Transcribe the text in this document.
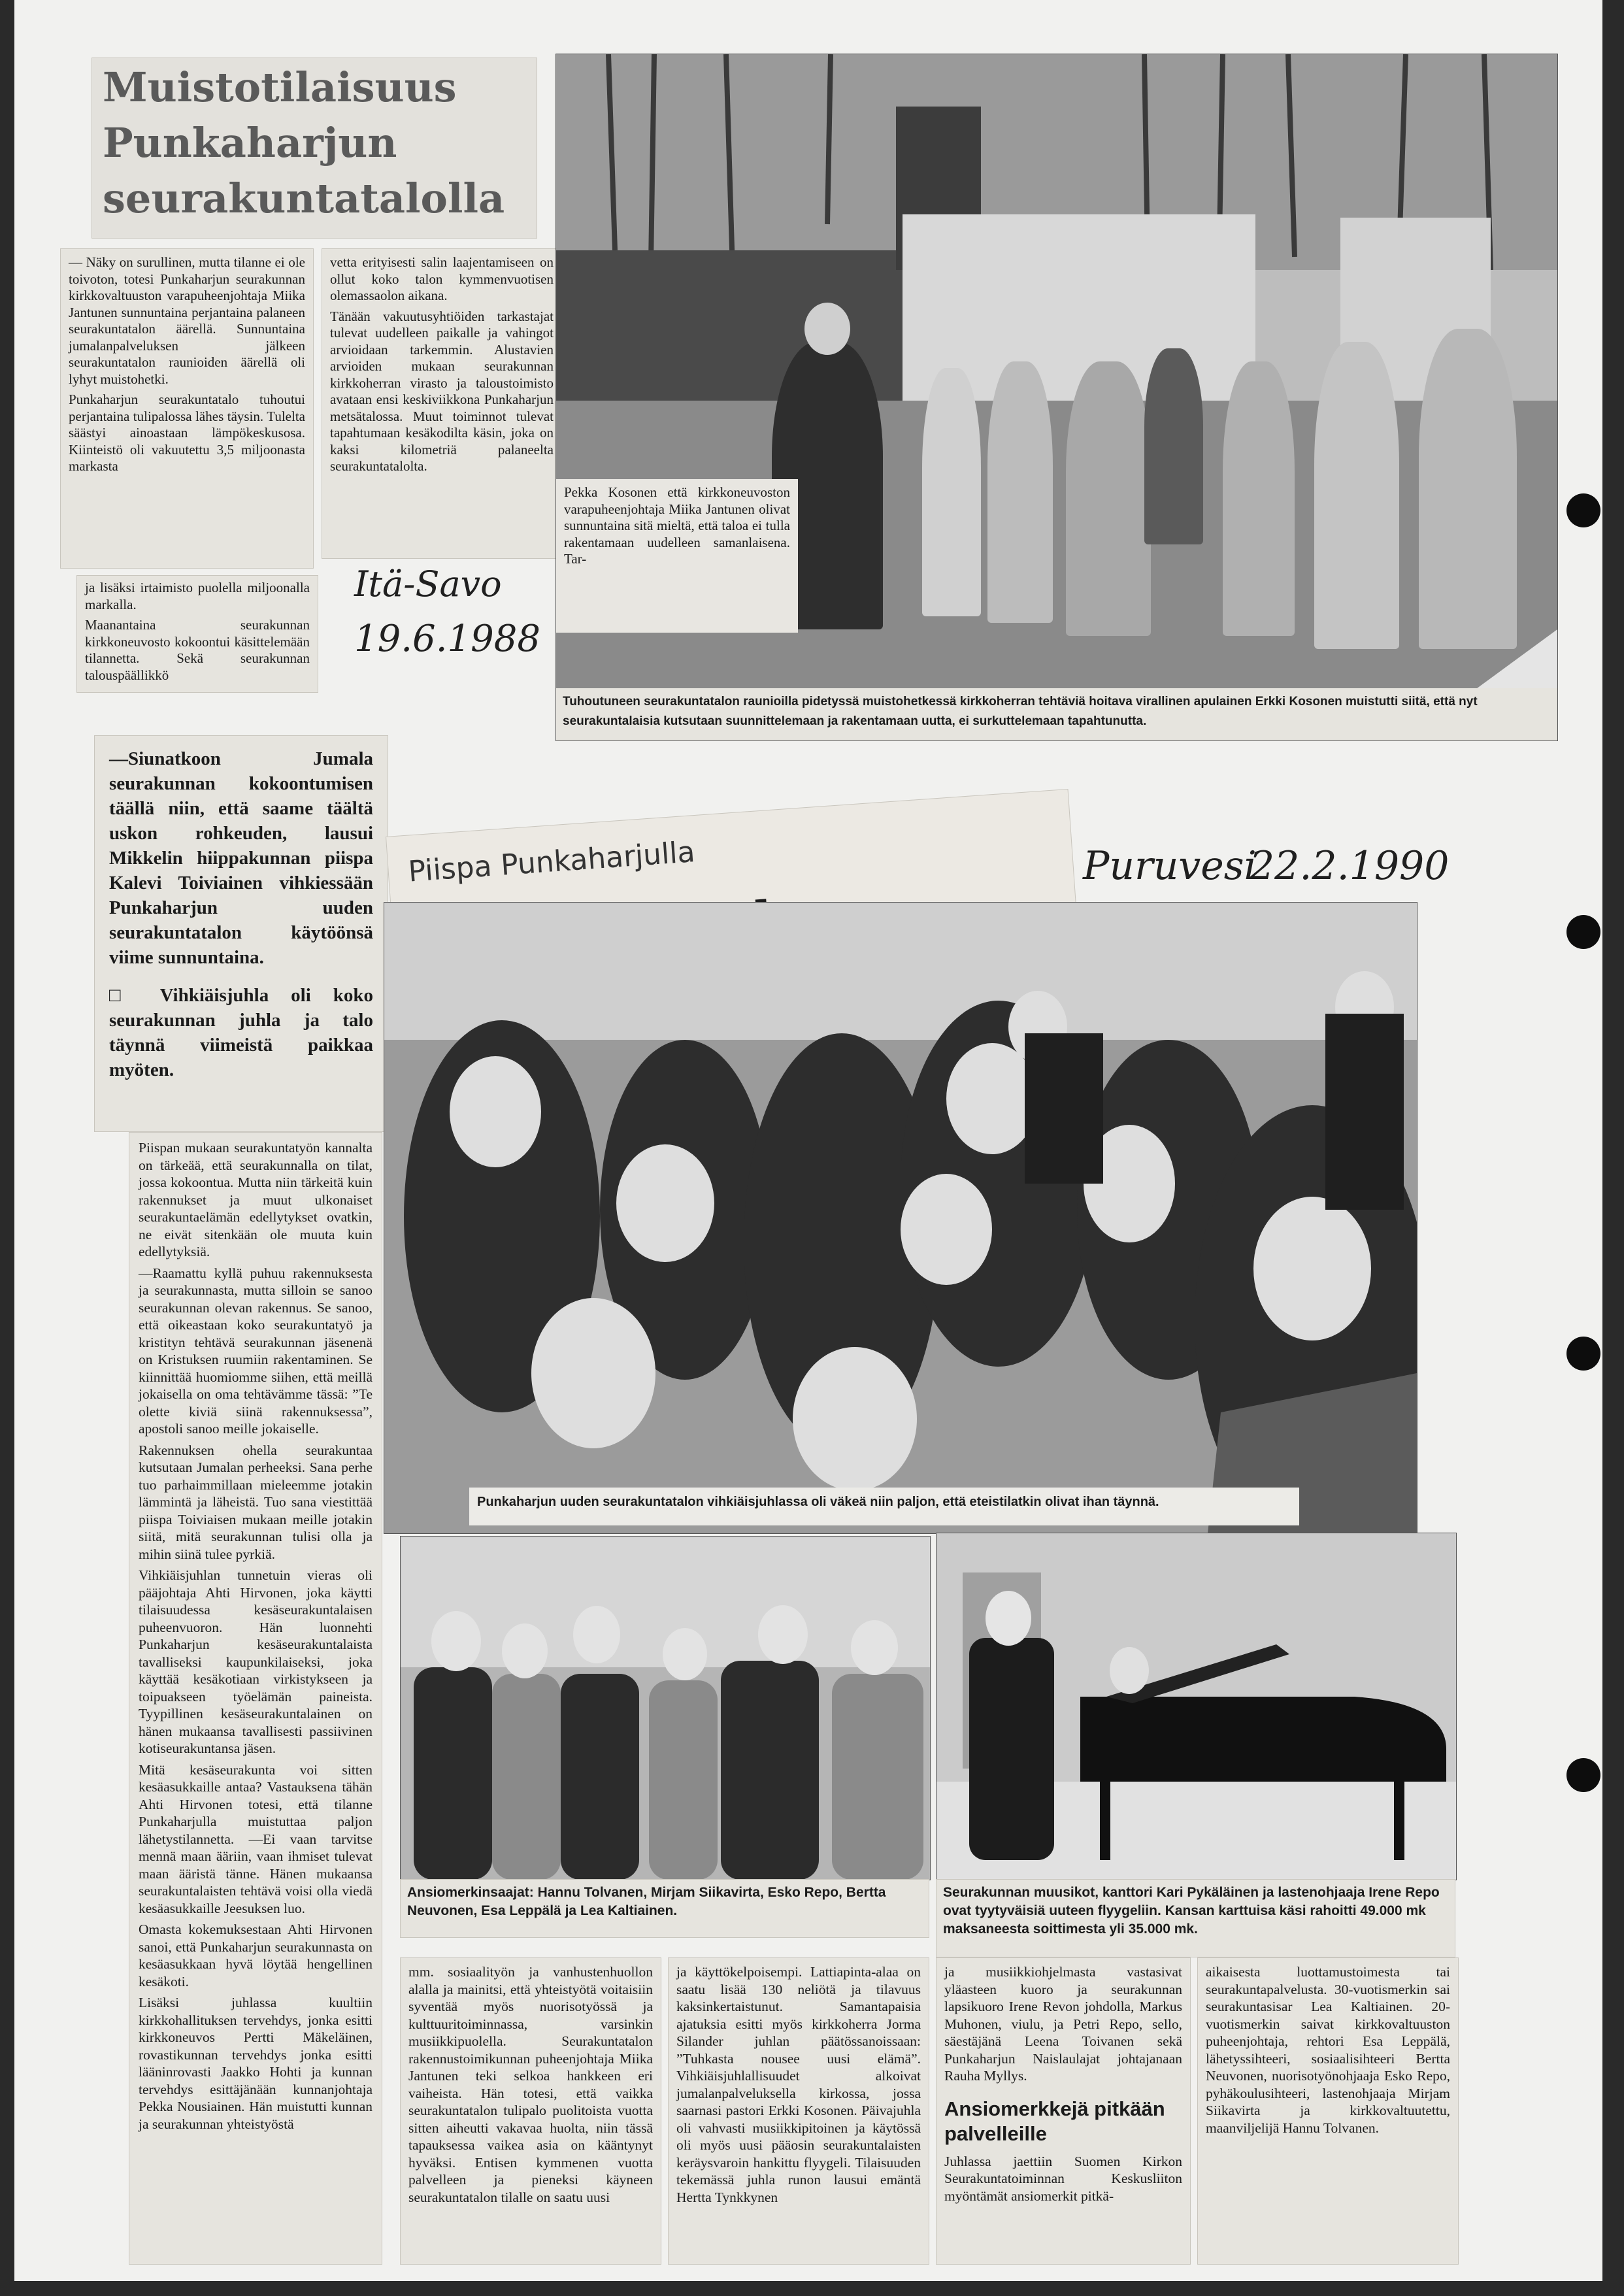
Muistotilaisuus Punkaharjun seurakuntatalolla

— Näky on surullinen, mutta tilanne ei ole toivoton, totesi Punkaharjun seurakunnan kirkkovaltuuston varapuheenjohtaja Miika Jantunen sunnuntaina perjantaina palaneen seurakuntatalon äärellä. Sunnuntaina jumalanpalveluksen jälkeen seurakuntatalon raunioiden äärellä oli lyhyt muistohetki.

Punkaharjun seurakuntatalo tuhoutui perjantaina tulipalossa lähes täysin. Tulelta säästyi ainoastaan lämpökeskusosa. Kiinteistö oli vakuutettu 3,5 miljoonasta markasta

ja lisäksi irtaimisto puolella miljoonalla markalla.

Maanantaina seurakunnan kirkkoneuvosto kokoontui käsittelemään tilannetta. Sekä seurakunnan talouspäällikkö

vetta erityisesti salin laajentamiseen on ollut koko talon kymmenvuotisen olemassaolon aikana.

Tänään vakuutusyhtiöiden tarkastajat tulevat uudelleen paikalle ja vahingot arvioidaan tarkemmin. Alustavien arvioiden mukaan seurakunnan kirkkoherran virasto ja taloustoimisto avataan ensi keskiviikkona Punkaharjun metsätalossa. Muut toiminnot tulevat tapahtumaan kesäkodilta käsin, joka on kaksi kilometriä palaneelta seurakuntatalolta.

Itä-Savo
19.6.1988
Pekka Kosonen että kirkkoneuvoston varapuheenjohtaja Miika Jantunen olivat sunnuntaina sitä mieltä, että taloa ei tulla rakentamaan uudelleen samanlaisena. Tar-
Tuhoutuneen seurakuntatalon raunioilla pidetyssä muistohetkessä kirkkoherran tehtäviä hoitava virallinen apulainen Erkki Kosonen muistutti siitä, että nyt seurakuntalaisia kutsutaan suunnittelemaan ja rakentamaan uutta, ei surkuttelemaan tapahtunutta.

—Siunatkoon Jumala seurakunnan kokoontumisen täällä niin, että saame täältä uskon rohkeuden, lausui Mikkelin hiippakunnan piispa Kalevi Toiviainen vihkiessään Punkaharjun uuden seurakuntatalon käytöönsä viime sunnuntaina.

□ Vihkiäisjuhla oli koko seurakunnan juhla ja talo täynnä viimeistä paikkaa myöten.

Piispa Punkaharjulla	Puruvesi
22.2.1990
Punkaharjun uuden seurakuntatalon vihkiäisjuhlassa oli väkeä niin paljon, että eteistilatkin olivat ihan täynnä.

Piispan mukaan seurakuntatyön kannalta on tärkeää, että seurakunnalla on tilat, jossa kokoontua. Mutta niin tärkeitä kuin rakennukset ja muut ulkonaiset seurakuntaelämän edellytykset ovatkin, ne eivät sitenkään ole muuta kuin edellytyksiä.

—Raamattu kyllä puhuu rakennuksesta ja seurakunnasta, mutta silloin se sanoo seurakunnan olevan rakennus. Se sanoo, että oikeastaan koko seurakuntatyö ja kristityn tehtävä seurakunnan jäsenenä on Kristuksen ruumiin rakentaminen. Se kiinnittää huomiomme siihen, että meillä jokaisella on oma tehtävämme tässä: ”Te olette kiviä siinä rakennuksessa”, apostoli sanoo meille jokaiselle.

Rakennuksen ohella seurakuntaa kutsutaan Jumalan perheeksi. Sana perhe tuo parhaimmillaan mieleemme jotakin lämmintä ja läheistä. Tuo sana viestittää piispa Toiviaisen mukaan meille jotakin siitä, mitä seurakunnan tulisi olla ja mihin siinä tulee pyrkiä.

Vihkiäisjuhlan tunnetuin vieras oli pääjohtaja Ahti Hirvonen, joka käytti tilaisuudessa kesäseurakuntalaisen puheenvuoron. Hän luonnehti Punkaharjun kesäseurakuntalaista tavalliseksi kaupunkilaiseksi, joka käyttää kesäkotiaan virkistykseen ja toipuakseen työelämän paineista. Tyypillinen kesäseurakuntalainen on hänen mukaansa tavallisesti passiivinen kotiseurakuntansa jäsen.

Mitä kesäseurakunta voi sitten kesäasukkaille antaa? Vastauksena tähän Ahti Hirvonen totesi, että tilanne Punkaharjulla muistuttaa paljon lähetystilannetta. —Ei vaan tarvitse mennä maan ääriin, vaan ihmiset tulevat maan ääristä tänne. Hänen mukaansa seurakuntalaisten tehtävä voisi olla viedä kesäasukkaille Jeesuksen luo.

Omasta kokemuksestaan Ahti Hirvonen sanoi, että Punkaharjun seurakunnasta on kesäasukkaan hyvä löytää hengellinen kesäkoti.

Lisäksi juhlassa kuultiin kirkkohallituksen tervehdys, jonka esitti kirkkoneuvos Pertti Mäkeläinen, rovastikunnan tervehdys jonka esitti lääninrovasti Jaakko Hohti ja kunnan tervehdys esittäjänään kunnanjohtaja Pekka Nousiainen. Hän muistutti kunnan ja seurakunnan yhteistyöstä

Ansiomerkinsaajat: Hannu Tolvanen, Mirjam Siikavirta, Esko Repo, Bertta Neuvonen, Esa Leppälä ja Lea Kaltiainen.
Seurakunnan muusikot, kanttori Kari Pykäläinen ja lastenohjaaja Irene Repo ovat tyytyväisiä uuteen flyygeliin. Kansan karttuisa käsi rahoitti 49.000 mk maksaneesta soittimesta yli 35.000 mk.

mm. sosiaalityön ja vanhustenhuollon alalla ja mainitsi, että yhteistyötä voitaisiin syventää myös nuorisotyössä ja kulttuuritoiminnassa, varsinkin musiikkipuolella. Seurakuntatalon rakennustoimikunnan puheenjohtaja Miika Jantunen teki selkoa hankkeen eri vaiheista. Hän totesi, että vaikka seurakuntatalon tulipalo puolitoista vuotta sitten aiheutti vakavaa huolta, niin tässä tapauksessa vaikea asia on kääntynyt hyväksi. Entisen kymmenen vuotta palvelleen ja pieneksi käyneen seurakuntatalon tilalle on saatu uusi

ja käyttökelpoisempi. Lattiapinta-alaa on saatu lisää 130 neliötä ja tilavuus kaksinkertaistunut. Samantapaisia ajatuksia esitti myös kirkkoherra Jorma Silander juhlan päätössanoissaan: ”Tuhkasta nousee uusi elämä”. Vihkiäisjuhlallisuudet alkoivat jumalanpalveluksella kirkossa, jossa saarnasi pastori Erkki Kosonen. Päivajuhla oli vahvasti musiikkipitoinen ja käytössä oli myös uusi pääosin seurakuntalaisten keräysvaroin hankittu flyygeli. Tilaisuuden tekemässä juhla runon lausui emäntä Hertta Tynkkynen

ja musiikkiohjelmasta vastasivat yläasteen kuoro ja seurakunnan lapsikuoro Irene Revon johdolla, Markus Muhonen, viulu, ja Petri Repo, sello, säestäjänä Leena Toivanen sekä Punkaharjun Naislaulajat johtajanaan Rauha Myllys.

Ansiomerkkejä pitkään palvelleille

Juhlassa jaettiin Suomen Kirkon Seurakuntatoiminnan Keskusliiton myöntämät ansiomerkit pitkä-

aikaisesta luottamustoimesta tai seurakuntapalvelusta. 30-vuotismerkin sai seurakuntasisar Lea Kaltiainen. 20-vuotismerkin saivat kirkkovaltuuston puheenjohtaja, rehtori Esa Leppälä, lähetyssihteeri, sosiaalisihteeri Bertta Neuvonen, nuorisotyönohjaaja Esko Repo, pyhäkoulusihteeri, lastenohjaaja Mirjam Siikavirta ja kirkkovaltuutettu, maanviljelijä Hannu Tolvanen.
